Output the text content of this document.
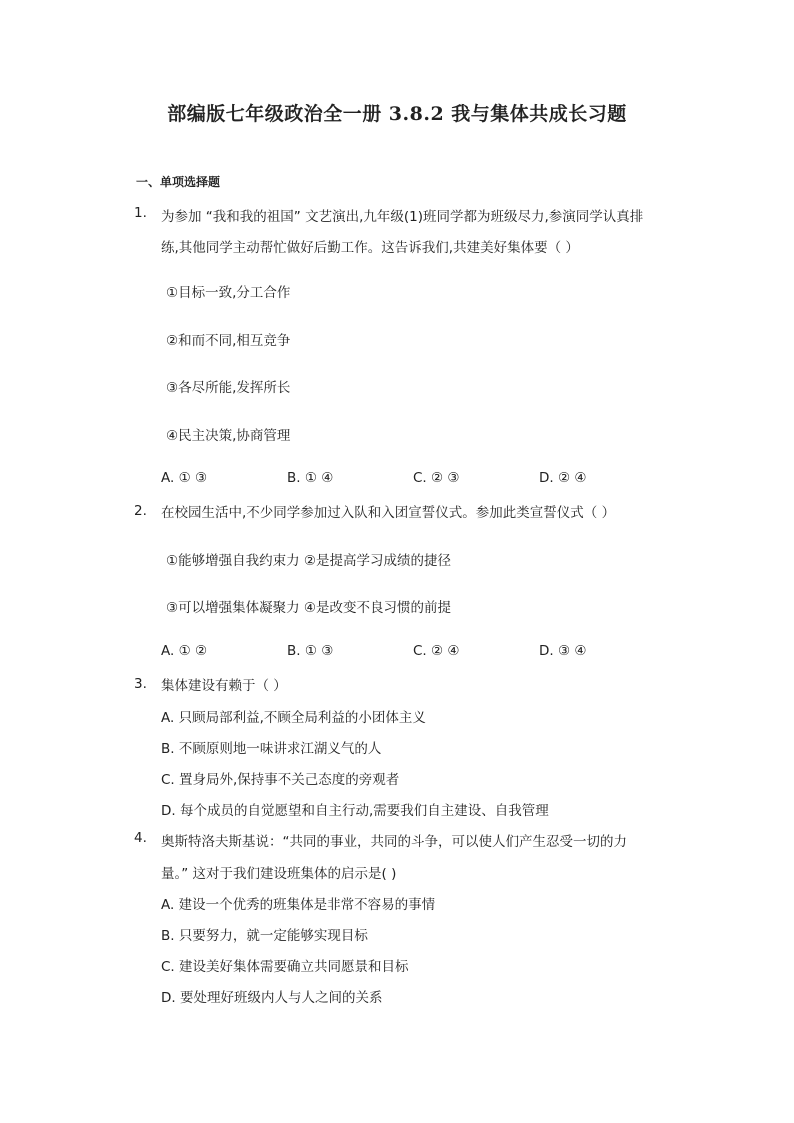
部编版七年级政治全一册 3.8.2 我与集体共成长习题
一、单项选择题
1. 为参加 “我和我的祖国” 文艺演出,九年级(1)班同学都为班级尽力,参演同学认真排
练,其他同学主动帮忙做好后勤工作。这告诉我们,共建美好集体要（ ）
①目标一致,分工合作
②和而不同,相互竞争
③各尽所能,发挥所长
④民主决策,协商管理
A. ① ③	B. ① ④	C. ② ③	D. ② ④
2. 在校园生活中,不少同学参加过入队和入团宣誓仪式。参加此类宣誓仪式（ ）
①能够增强自我约束力 ②是提高学习成绩的捷径
③可以增强集体凝聚力 ④是改变不良习惯的前提
A. ① ②	B. ① ③	C. ② ④	D. ③ ④
3. 集体建设有赖于（ ）
A. 只顾局部利益,不顾全局利益的小团体主义
B. 不顾原则地一味讲求江湖义气的人
C. 置身局外,保持事不关己态度的旁观者
D. 每个成员的自觉愿望和自主行动,需要我们自主建设、自我管理
4. 奥斯特洛夫斯基说：“共同的事业，共同的斗争，可以使人们产生忍受一切的力
量。” 这对于我们建设班集体的启示是( )
A. 建设一个优秀的班集体是非常不容易的事情
B. 只要努力，就一定能够实现目标
C. 建设美好集体需要确立共同愿景和目标
D. 要处理好班级内人与人之间的关系
